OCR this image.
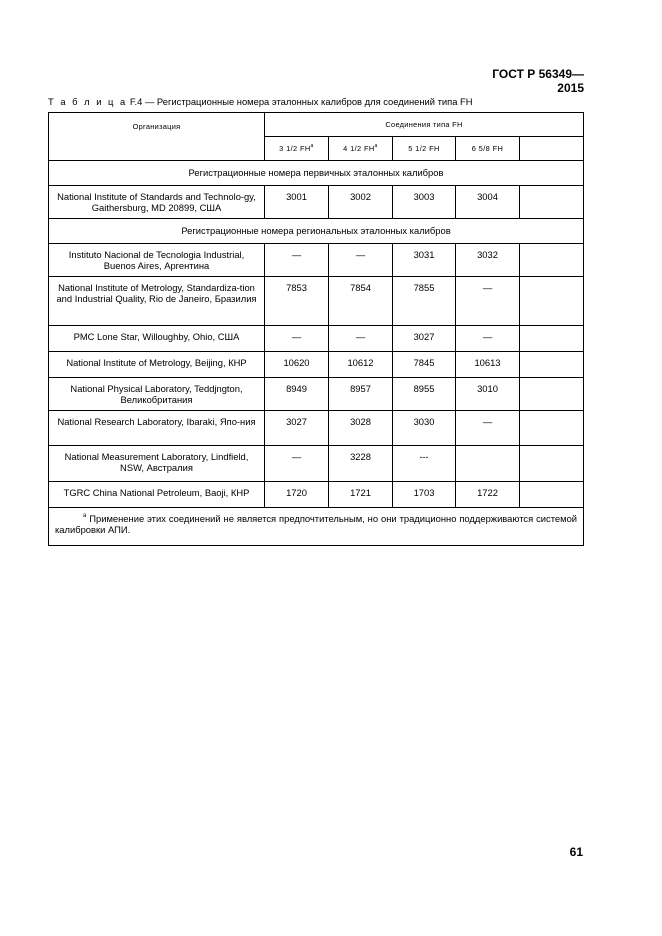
ГОСТ Р 56349—2015
Т а б л и ц а F.4 — Регистрационные номера эталонных калибров для соединений типа FH
Организация	Соединения типа FH				
	3 1/2 $FH^a$	4 1/2 $FH^a$	5 1/2 FH	6 5/8 FH	
Регистрационные номера первичных эталонных калибров					
National Institute of Standards and Technolo-gy, Gaithersburg, MD 20899, США	3001	3002	3003	3004	
Регистрационные номера региональных эталонных калибров					
Instituto Nacional de Tecnologia Industrial, Buenos Aires, Аргентина	—	—	3031	3032	
National Institute of Metrology, Standardiza-tion and Industrial Quality, Rio de Janeiro, Бразилия	7853	7854	7855	—	
PMC Lone Star, Willoughby, Ohio, США	—	—	3027	—	
National Institute of Metrology, Beijing, КНР	10620	10612	7845	10613	
National Physical Laboratory, Teddjngton, Великобритания	8949	8957	8955	3010	
National Research Laboratory, Ibaraki, Япо-ния	3027	3028	3030	—	
National Measurement Laboratory, Lindfield, NSW, Австралия	—	3228	---		
TGRC China National Petroleum, Baoji, КНР	1720	1721	1703	1722	
$^a$ Применение этих соединений не является предпочтительным, но они традиционно поддерживаются системой калибровки АПИ.					
61
